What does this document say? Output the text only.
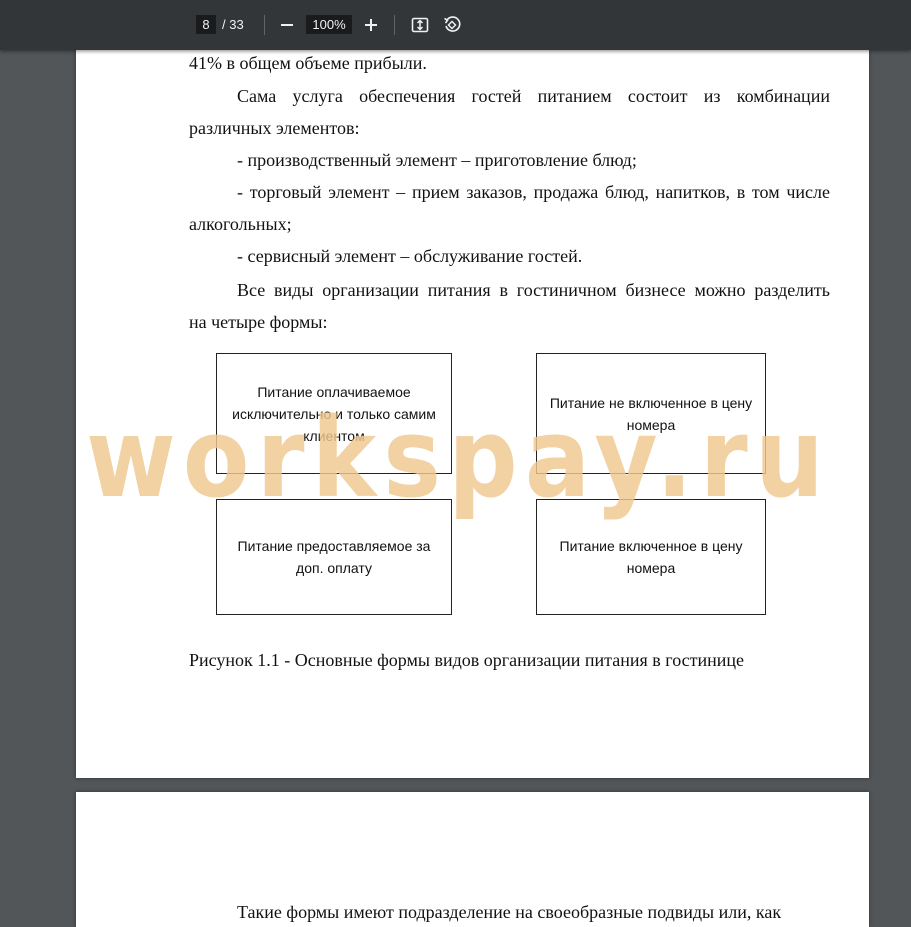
8
/ 33
100%

41% в общем объеме прибыли.

Сама услуга обеспечения гостей питанием состоит из комбинации

различных элементов:

- производственный элемент – приготовление блюд;

- торговый элемент – прием заказов, продажа блюд, напитков, в том числе

алкогольных;

- сервисный элемент – обслуживание гостей.

Все виды организации питания в гостиничном бизнесе можно разделить

на четыре формы:

Питание оплачиваемое исключительно и только самим клиентом
Питание не включенное в цену номера
Питание предоставляемое за доп. оплату
Питание включенное в цену номера

Рисунок 1.1 - Основные формы видов организации питания в гостинице

workspay.ru

Такие формы имеют подразделение на своеобразные подвиды или, как
